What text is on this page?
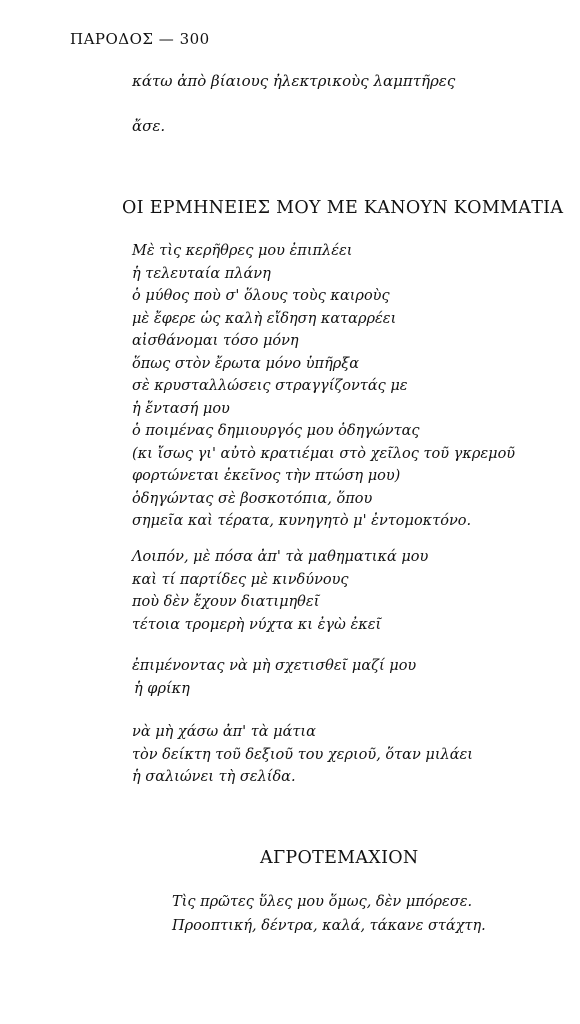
ΠΑΡΟΔΟΣ — 300
κάτω ἀπὸ βίαιους ἠλεκτρικοὺς λαμπτῆρες
ἄσε.
ΟΙ ΕΡΜΗΝΕΙΕΣ ΜΟΥ ΜΕ ΚΑΝΟΥΝ ΚΟΜΜΑΤΙΑ
Μὲ τὶς κερῆθρες μου ἐπιπλέει
ἡ τελευταία πλάνη
ὁ μύθος ποὺ σ' ὅλους τοὺς καιροὺς
μὲ ἔφερε ὡς καλὴ εἴδηση καταρρέει
αἰσθάνομαι τόσο μόνη
ὅπως στὸν ἔρωτα μόνο ὑπῆρξα
σὲ κρυσταλλώσεις στραγγίζοντάς με
ἡ ἔντασή μου
ὁ ποιμένας δημιουργός μου ὁδηγώντας
(κι ἴσως γι' αὐτὸ κρατιέμαι στὸ χεῖλος τοῦ γκρεμοῦ
φορτώνεται ἐκεῖνος τὴν πτώση μου)
ὁδηγώντας σὲ βοσκοτόπια, ὅπου
σημεῖα καὶ τέρατα, κυνηγητὸ μ' ἐντομοκτόνο.
Λοιπόν, μὲ πόσα ἀπ' τὰ μαθηματικά μου
καὶ τί παρτίδες μὲ κινδύνους
ποὺ δὲν ἔχουν διατιμηθεῖ
τέτοια τρομερὴ νύχτα κι ἐγὼ ἐκεῖ
ἐπιμένοντας νὰ μὴ σχετισθεῖ μαζί μου
ἡ φρίκη
νὰ μὴ χάσω ἀπ' τὰ μάτια
τὸν δείκτη τοῦ δεξιοῦ του χεριοῦ, ὅταν μιλάει
ἡ σαλιώνει τὴ σελίδα.
ΑΓΡΟΤΕΜΑΧΙΟΝ
Τὶς πρῶτες ὕλες μου ὅμως, δὲν μπόρεσε.
Προοπτική, δέντρα, καλά, τάκανε στάχτη.
